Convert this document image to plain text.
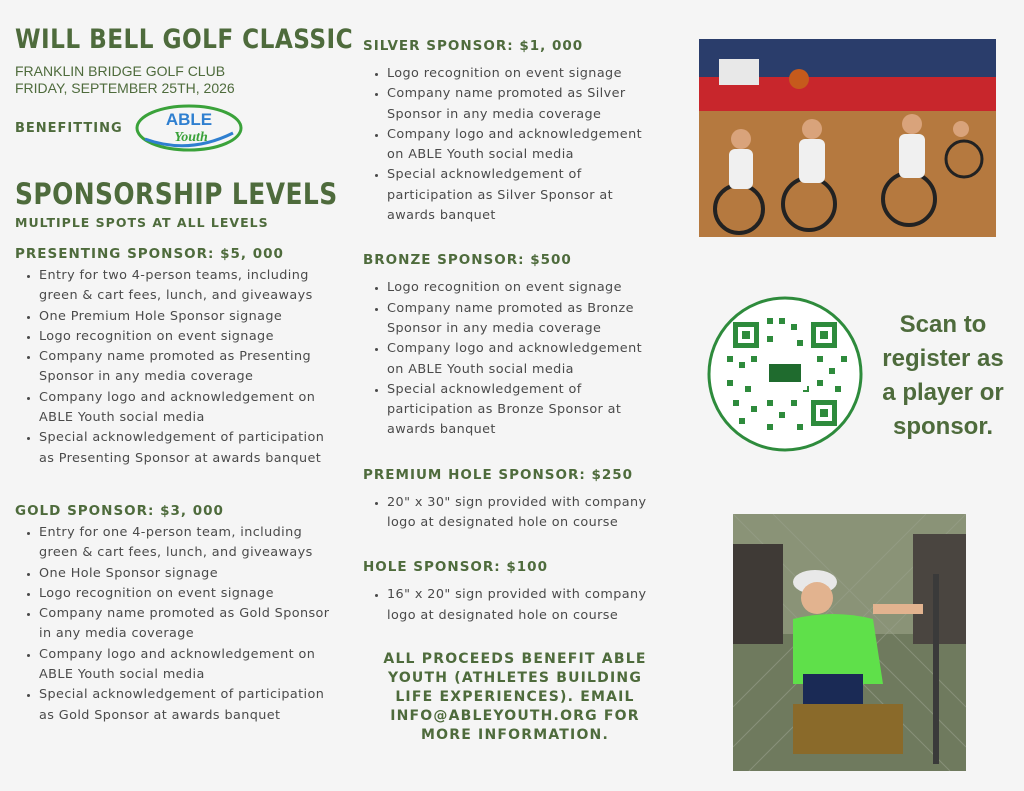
WILL BELL GOLF CLASSIC

FRANKLIN BRIDGE GOLF CLUB

FRIDAY, SEPTEMBER 25TH, 2026

BENEFITTING	ABLE
Youth
SPONSORSHIP LEVELS
MULTIPLE SPOTS AT ALL LEVELS
PRESENTING SPONSOR: $5, 000
• Entry for two 4-person teams, including green & cart fees, lunch, and giveaways
• One Premium Hole Sponsor signage
• Logo recognition on event signage
• Company name promoted as Presenting Sponsor in any media coverage
• Company logo and acknowledgement on ABLE Youth social media
• Special acknowledgement of participation as Presenting Sponsor at awards banquet
GOLD SPONSOR: $3, 000
• Entry for one 4-person team, including green & cart fees, lunch, and giveaways
• One Hole Sponsor signage
• Logo recognition on event signage
• Company name promoted as Gold Sponsor in any media coverage
• Company logo and acknowledgement on ABLE Youth social media
• Special acknowledgement of participation as Gold Sponsor at awards banquet
SILVER SPONSOR: $1, 000
• Logo recognition on event signage
• Company name promoted as Silver Sponsor in any media coverage
• Company logo and acknowledgement on ABLE Youth social media
• Special acknowledgement of participation as Silver Sponsor at awards banquet
BRONZE SPONSOR: $500
• Logo recognition on event signage
• Company name promoted as Bronze Sponsor in any media coverage
• Company logo and acknowledgement on ABLE Youth social media
• Special acknowledgement of participation as Bronze Sponsor at awards banquet
PREMIUM HOLE SPONSOR: $250
• 20" x 30" sign provided with company logo at designated hole on course
HOLE SPONSOR: $100
• 16" x 20" sign provided with company logo at designated hole on course
ALL PROCEEDS BENEFIT ABLE YOUTH (ATHLETES BUILDING LIFE EXPERIENCES). EMAIL INFO@ABLEYOUTH.ORG FOR MORE INFORMATION.
Scan to register as a player or sponsor.
